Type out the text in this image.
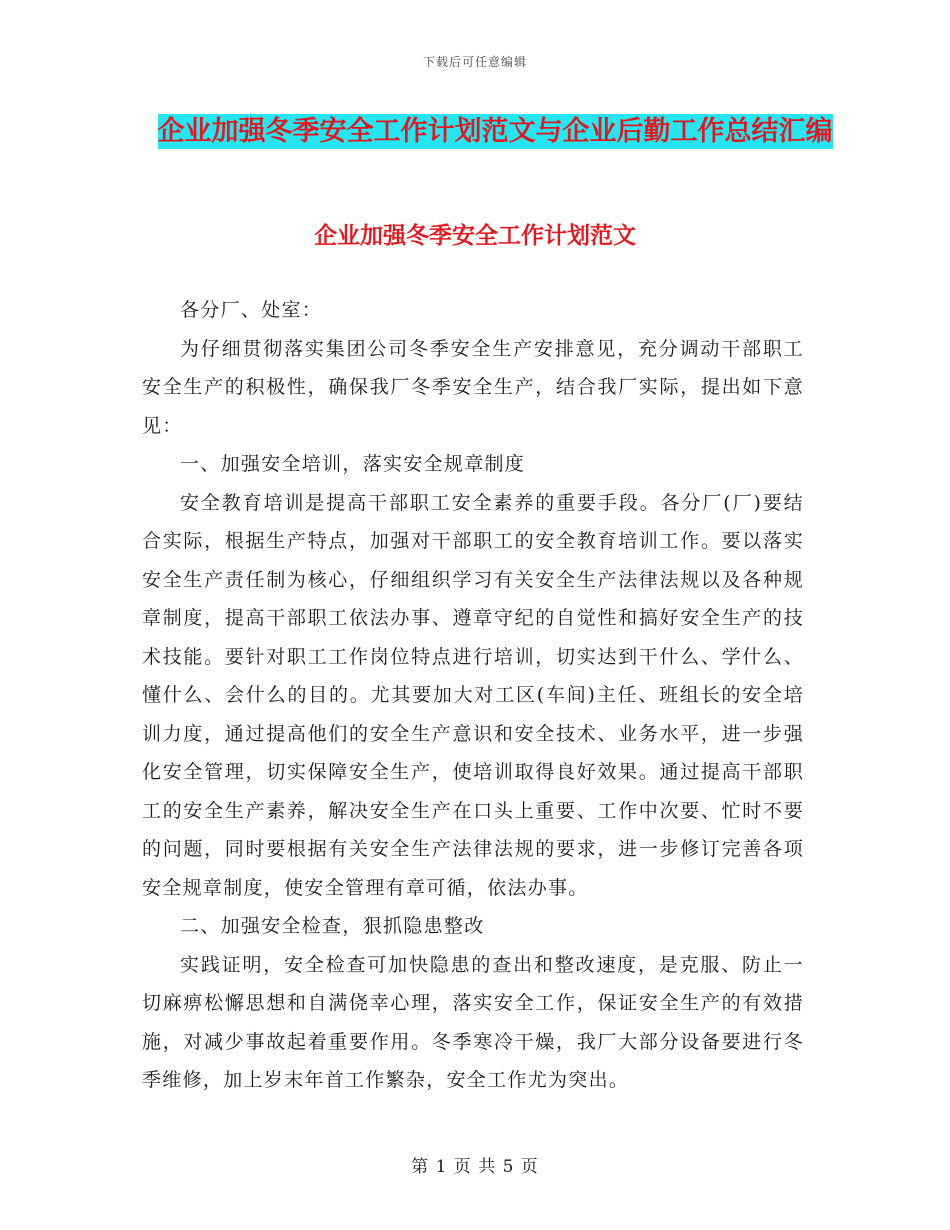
下载后可任意编辑
企业加强冬季安全工作计划范文与企业后勤工作总结汇编
企业加强冬季安全工作计划范文

各分厂、处室：

为仔细贯彻落实集团公司冬季安全生产安排意见，充分调动干部职工安全生产的积极性，确保我厂冬季安全生产，结合我厂实际，提出如下意见：

一、加强安全培训，落实安全规章制度

安全教育培训是提高干部职工安全素养的重要手段。各分厂(厂)要结合实际，根据生产特点，加强对干部职工的安全教育培训工作。要以落实安全生产责任制为核心，仔细组织学习有关安全生产法律法规以及各种规章制度，提高干部职工依法办事、遵章守纪的自觉性和搞好安全生产的技术技能。要针对职工工作岗位特点进行培训，切实达到干什么、学什么、懂什么、会什么的目的。尤其要加大对工区(车间)主任、班组长的安全培训力度，通过提高他们的安全生产意识和安全技术、业务水平，进一步强化安全管理，切实保障安全生产，使培训取得良好效果。通过提高干部职工的安全生产素养，解决安全生产在口头上重要、工作中次要、忙时不要的问题，同时要根据有关安全生产法律法规的要求，进一步修订完善各项安全规章制度，使安全管理有章可循，依法办事。

二、加强安全检查，狠抓隐患整改

实践证明，安全检查可加快隐患的查出和整改速度，是克服、防止一切麻痹松懈思想和自满侥幸心理，落实安全工作，保证安全生产的有效措施，对减少事故起着重要作用。冬季寒冷干燥，我厂大部分设备要进行冬季维修，加上岁末年首工作繁杂，安全工作尤为突出。

第 1 页 共 5 页
